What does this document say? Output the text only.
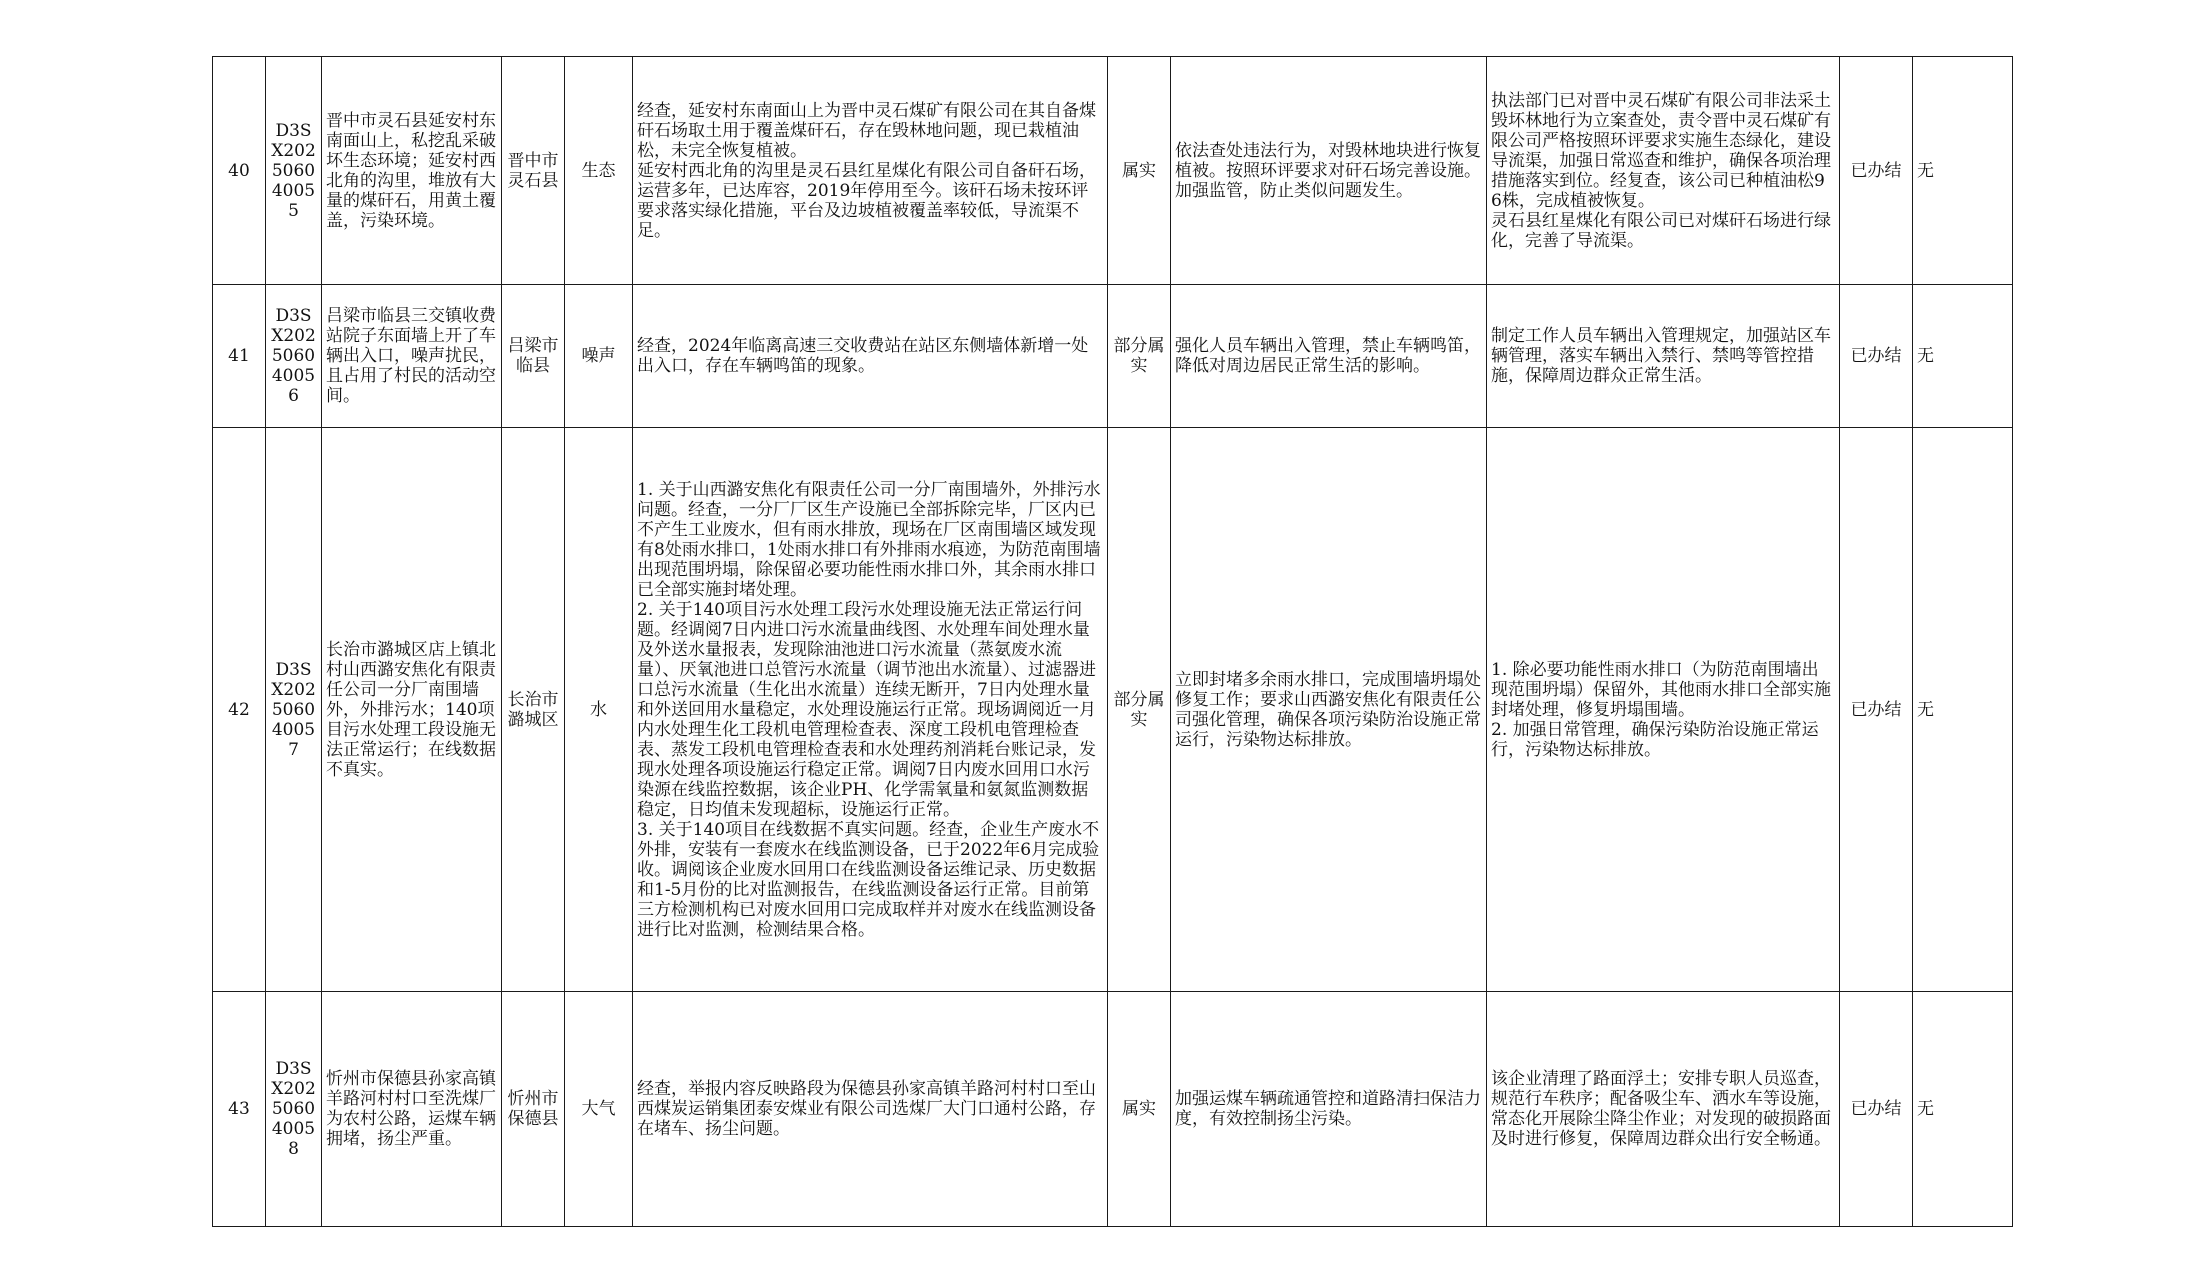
40	D3SX202506040055	晋中市灵石县延安村东南面山上，私挖乱采破坏生态环境；延安村西北角的沟里，堆放有大量的煤矸石，用黄土覆盖，污染环境。	晋中市灵石县	生态	经查，延安村东南面山上为晋中灵石煤矿有限公司在其自备煤矸石场取土用于覆盖煤矸石，存在毁林地问题，现已栽植油松，未完全恢复植被。
延安村西北角的沟里是灵石县红星煤化有限公司自备矸石场，运营多年，已达库容，2019年停用至今。该矸石场未按环评要求落实绿化措施，平台及边坡植被覆盖率较低，导流渠不足。	属实	依法查处违法行为，对毁林地块进行恢复植被。按照环评要求对矸石场完善设施。加强监管，防止类似问题发生。	执法部门已对晋中灵石煤矿有限公司非法采土毁坏林地行为立案查处，责令晋中灵石煤矿有限公司严格按照环评要求实施生态绿化，建设导流渠，加强日常巡查和维护，确保各项治理措施落实到位。经复查，该公司已种植油松96株，完成植被恢复。
灵石县红星煤化有限公司已对煤矸石场进行绿化，完善了导流渠。	已办结	无
41	D3SX202506040056	吕梁市临县三交镇收费站院子东面墙上开了车辆出入口，噪声扰民，且占用了村民的活动空间。	吕梁市临县	噪声	经查，2024年临离高速三交收费站在站区东侧墙体新增一处出入口，存在车辆鸣笛的现象。	部分属实	强化人员车辆出入管理，禁止车辆鸣笛，降低对周边居民正常生活的影响。	制定工作人员车辆出入管理规定，加强站区车辆管理，落实车辆出入禁行、禁鸣等管控措施，保障周边群众正常生活。	已办结	无
42	D3SX202506040057	长治市潞城区店上镇北村山西潞安焦化有限责任公司一分厂南围墙外，外排污水；140项目污水处理工段设施无法正常运行；在线数据不真实。	长治市潞城区	水	1. 关于山西潞安焦化有限责任公司一分厂南围墙外，外排污水问题。经查，一分厂厂区生产设施已全部拆除完毕，厂区内已不产生工业废水，但有雨水排放，现场在厂区南围墙区域发现有8处雨水排口，1处雨水排口有外排雨水痕迹，为防范南围墙出现范围坍塌，除保留必要功能性雨水排口外，其余雨水排口已全部实施封堵处理。
2. 关于140项目污水处理工段污水处理设施无法正常运行问题。经调阅7日内进口污水流量曲线图、水处理车间处理水量及外送水量报表，发现除油池进口污水流量（蒸氨废水流量）、厌氧池进口总管污水流量（调节池出水流量）、过滤器进口总污水流量（生化出水流量）连续无断开，7日内处理水量和外送回用水量稳定，水处理设施运行正常。现场调阅近一月内水处理生化工段机电管理检查表、深度工段机电管理检查表、蒸发工段机电管理检查表和水处理药剂消耗台账记录，发现水处理各项设施运行稳定正常。调阅7日内废水回用口水污染源在线监控数据，该企业PH、化学需氧量和氨氮监测数据稳定，日均值未发现超标，设施运行正常。
3. 关于140项目在线数据不真实问题。经查，企业生产废水不外排，安装有一套废水在线监测设备，已于2022年6月完成验收。调阅该企业废水回用口在线监测设备运维记录、历史数据和1-5月份的比对监测报告，在线监测设备运行正常。目前第三方检测机构已对废水回用口完成取样并对废水在线监测设备进行比对监测，检测结果合格。	部分属实	立即封堵多余雨水排口，完成围墙坍塌处修复工作；要求山西潞安焦化有限责任公司强化管理，确保各项污染防治设施正常运行，污染物达标排放。	1. 除必要功能性雨水排口（为防范南围墙出现范围坍塌）保留外，其他雨水排口全部实施封堵处理，修复坍塌围墙。
2. 加强日常管理，确保污染防治设施正常运行，污染物达标排放。	已办结	无
43	D3SX202506040058	忻州市保德县孙家高镇羊路河村村口至洗煤厂为农村公路，运煤车辆拥堵，扬尘严重。	忻州市保德县	大气	经查，举报内容反映路段为保德县孙家高镇羊路河村村口至山西煤炭运销集团泰安煤业有限公司选煤厂大门口通村公路，存在堵车、扬尘问题。	属实	加强运煤车辆疏通管控和道路清扫保洁力度，有效控制扬尘污染。	该企业清理了路面浮土；安排专职人员巡查，规范行车秩序；配备吸尘车、洒水车等设施，常态化开展除尘降尘作业；对发现的破损路面及时进行修复，保障周边群众出行安全畅通。	已办结	无
